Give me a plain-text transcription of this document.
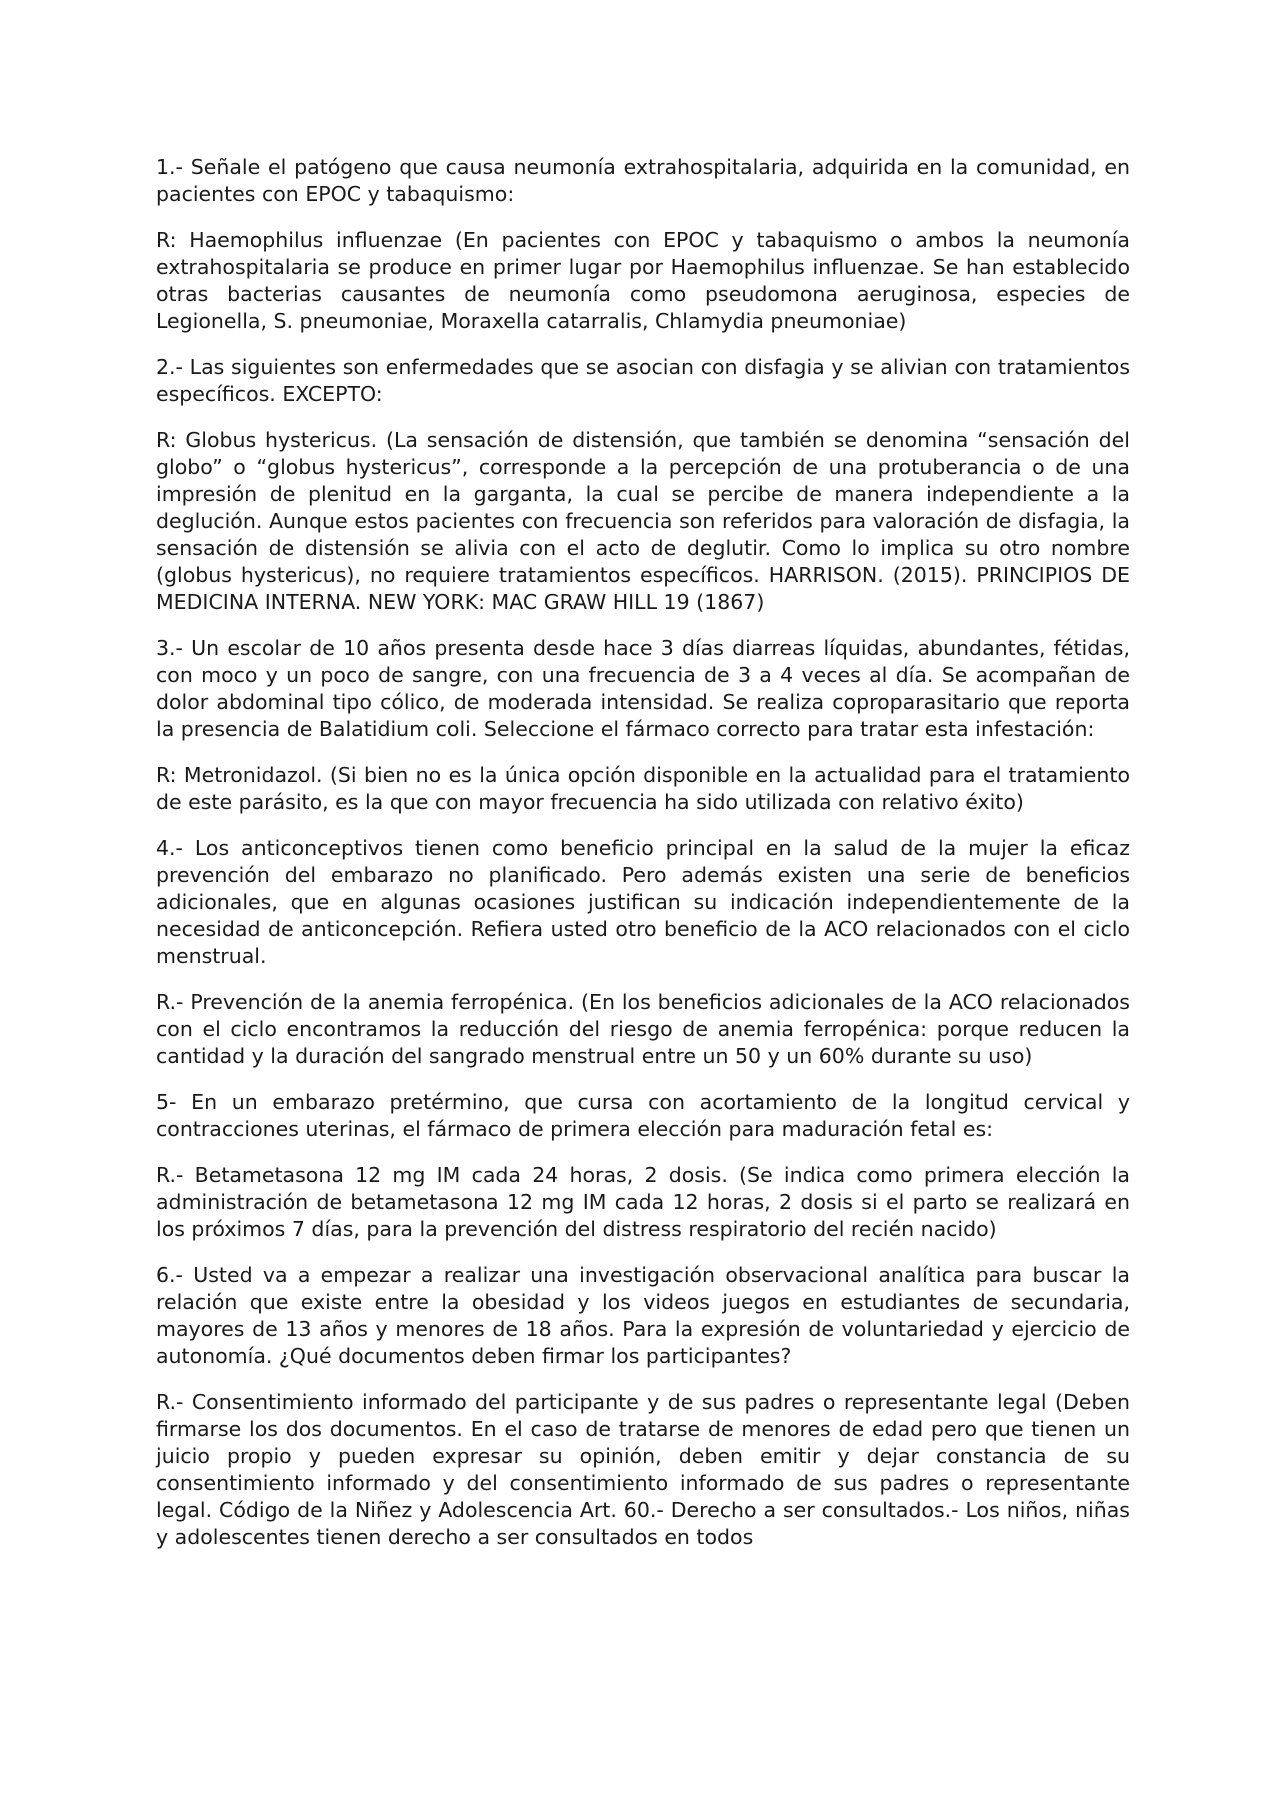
1.- Señale el patógeno que causa neumonía extrahospitalaria, adquirida en la comunidad, en pacientes con EPOC y tabaquismo:

R: Haemophilus influenzae (En pacientes con EPOC y tabaquismo o ambos la neumonía extrahospitalaria se produce en primer lugar por Haemophilus influenzae. Se han establecido otras bacterias causantes de neumonía como pseudomona aeruginosa, especies de Legionella, S. pneumoniae, Moraxella catarralis, Chlamydia pneumoniae)

2.- Las siguientes son enfermedades que se asocian con disfagia y se alivian con tratamientos específicos. EXCEPTO:

R: Globus hystericus. (La sensación de distensión, que también se denomina “sensación del globo” o “globus hystericus”, corresponde a la percepción de una protuberancia o de una impresión de plenitud en la garganta, la cual se percibe de manera independiente a la deglución. Aunque estos pacientes con frecuencia son referidos para valoración de disfagia, la sensación de distensión se alivia con el acto de deglutir. Como lo implica su otro nombre (globus hystericus), no requiere tratamientos específicos. HARRISON. (2015). PRINCIPIOS DE MEDICINA INTERNA. NEW YORK: MAC GRAW HILL 19 (1867)

3.- Un escolar de 10 años presenta desde hace 3 días diarreas líquidas, abundantes, fétidas, con moco y un poco de sangre, con una frecuencia de 3 a 4 veces al día. Se acompañan de dolor abdominal tipo cólico, de moderada intensidad. Se realiza coproparasitario que reporta la presencia de Balatidium coli. Seleccione el fármaco correcto para tratar esta infestación:

R: Metronidazol. (Si bien no es la única opción disponible en la actualidad para el tratamiento de este parásito, es la que con mayor frecuencia ha sido utilizada con relativo éxito)

4.- Los anticonceptivos tienen como beneficio principal en la salud de la mujer la eficaz prevención del embarazo no planificado. Pero además existen una serie de beneficios adicionales, que en algunas ocasiones justifican su indicación independientemente de la necesidad de anticoncepción. Refiera usted otro beneficio de la ACO relacionados con el ciclo menstrual.

R.- Prevención de la anemia ferropénica. (En los beneficios adicionales de la ACO relacionados con el ciclo encontramos la reducción del riesgo de anemia ferropénica: porque reducen la cantidad y la duración del sangrado menstrual entre un 50 y un 60% durante su uso)

5- En un embarazo pretérmino, que cursa con acortamiento de la longitud cervical y contracciones uterinas, el fármaco de primera elección para maduración fetal es:

R.- Betametasona 12 mg IM cada 24 horas, 2 dosis. (Se indica como primera elección la administración de betametasona 12 mg IM cada 12 horas, 2 dosis si el parto se realizará en los próximos 7 días, para la prevención del distress respiratorio del recién nacido)

6.- Usted va a empezar a realizar una investigación observacional analítica para buscar la relación que existe entre la obesidad y los videos juegos en estudiantes de secundaria, mayores de 13 años y menores de 18 años. Para la expresión de voluntariedad y ejercicio de autonomía. ¿Qué documentos deben firmar los participantes?

R.- Consentimiento informado del participante y de sus padres o representante legal (Deben firmarse los dos documentos. En el caso de tratarse de menores de edad pero que tienen un juicio propio y pueden expresar su opinión, deben emitir y dejar constancia de su consentimiento informado y del consentimiento informado de sus padres o representante legal. Código de la Niñez y Adolescencia Art. 60.- Derecho a ser consultados.- Los niños, niñas y adolescentes tienen derecho a ser consultados en todos
